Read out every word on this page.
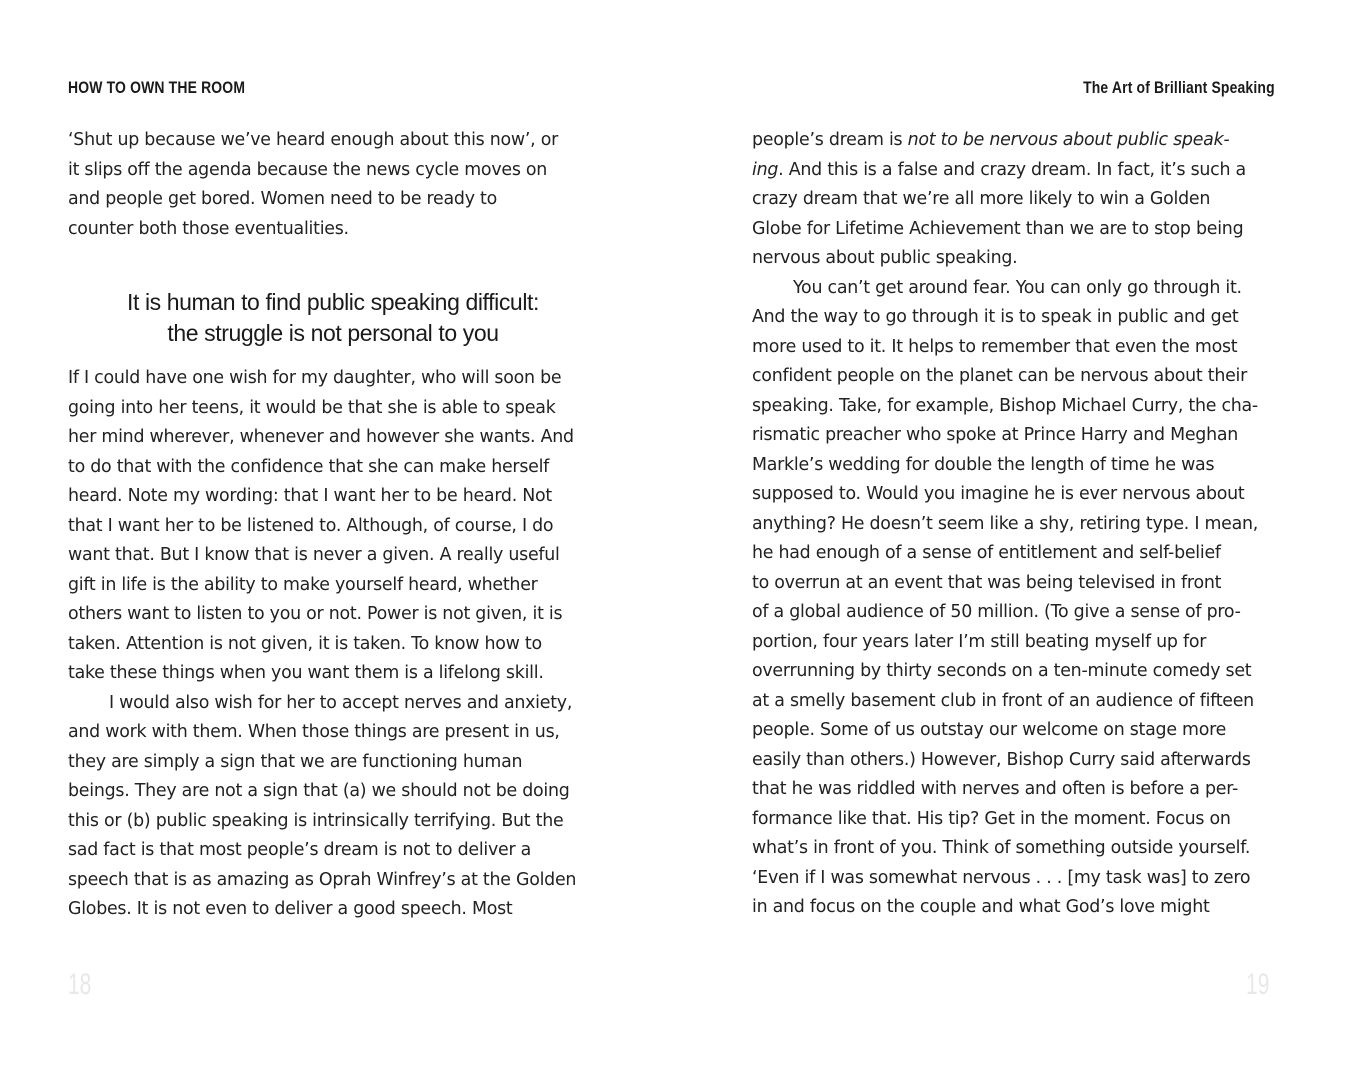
HOW TO OWN THE ROOM
‘Shut up because we’ve heard enough about this now’, or
it slips off the agenda because the news cycle moves on
and people get bored. Women need to be ready to
counter both those eventualities.
It is human to find public speaking difficult:
the struggle is not personal to you
If I could have one wish for my daughter, who will soon be
going into her teens, it would be that she is able to speak
her mind wherever, whenever and however she wants. And
to do that with the confidence that she can make herself
heard. Note my wording: that I want her to be heard. Not
that I want her to be listened to. Although, of course, I do
want that. But I know that is never a given. A really useful
gift in life is the ability to make yourself heard, whether
others want to listen to you or not. Power is not given, it is
taken. Attention is not given, it is taken. To know how to
take these things when you want them is a lifelong skill.
I would also wish for her to accept nerves and anxiety,
and work with them. When those things are present in us,
they are simply a sign that we are functioning human
beings. They are not a sign that (a) we should not be doing
this or (b) public speaking is intrinsically terrifying. But the
sad fact is that most people’s dream is not to deliver a
speech that is as amazing as Oprah Winfrey’s at the Golden
Globes. It is not even to deliver a good speech. Most
18
The Art of Brilliant Speaking
people’s dream is not to be nervous about public speak-
ing. And this is a false and crazy dream. In fact, it’s such a
crazy dream that we’re all more likely to win a Golden
Globe for Lifetime Achievement than we are to stop being
nervous about public speaking.
You can’t get around fear. You can only go through it.
And the way to go through it is to speak in public and get
more used to it. It helps to remember that even the most
confident people on the planet can be nervous about their
speaking. Take, for example, Bishop Michael Curry, the cha-
rismatic preacher who spoke at Prince Harry and Meghan
Markle’s wedding for double the length of time he was
supposed to. Would you imagine he is ever nervous about
anything? He doesn’t seem like a shy, retiring type. I mean,
he had enough of a sense of entitlement and self-belief
to overrun at an event that was being televised in front
of a global audience of 50 million. (To give a sense of pro-
portion, four years later I’m still beating myself up for
overrunning by thirty seconds on a ten-minute comedy set
at a smelly basement club in front of an audience of fifteen
people. Some of us outstay our welcome on stage more
easily than others.) However, Bishop Curry said afterwards
that he was riddled with nerves and often is before a per-
formance like that. His tip? Get in the moment. Focus on
what’s in front of you. Think of something outside yourself.
‘Even if I was somewhat nervous . . . [my task was] to zero
in and focus on the couple and what God’s love might
19
